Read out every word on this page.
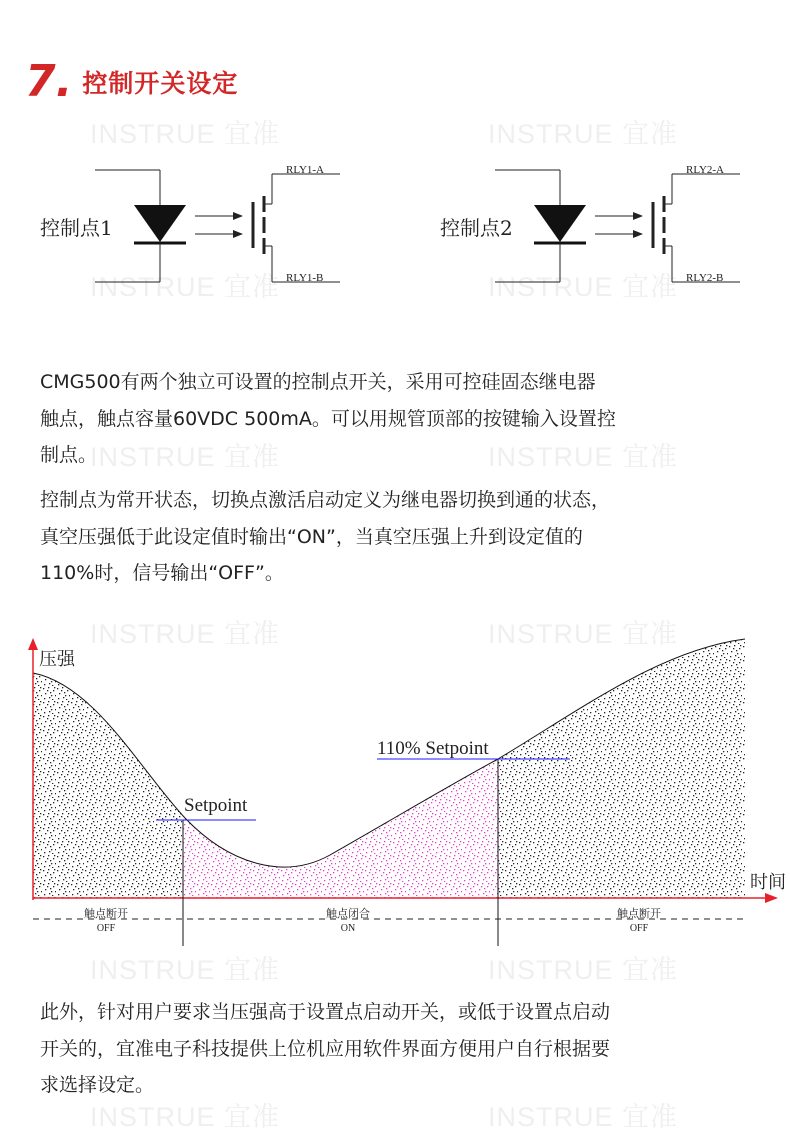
INSTRUE 宜准	INSTRUE 宜准
INSTRUE 宜准	INSTRUE 宜准
INSTRUE 宜准	INSTRUE 宜准
INSTRUE 宜准	INSTRUE 宜准
INSTRUE 宜准	INSTRUE 宜准
INSTRUE 宜准	INSTRUE 宜准
7. 控制开关设定
控制点1
RLY1-A
RLY1-B
控制点2
RLY2-A
RLY2-B
CMG500有两个独立可设置的控制点开关，采用可控硅固态继电器
触点，触点容量60VDC 500mA。可以用规管顶部的按键输入设置控
制点。
控制点为常开状态，切换点激活启动定义为继电器切换到通的状态，
真空压强低于此设定值时输出“ON”，当真空压强上升到设定值的
110%时，信号输出“OFF”。
压强
时间
Setpoint
110% Setpoint
触点断开
OFF
触点闭合
ON
触点断开
OFF
此外，针对用户要求当压强高于设置点启动开关，或低于设置点启动
开关的，宜准电子科技提供上位机应用软件界面方便用户自行根据要
求选择设定。
